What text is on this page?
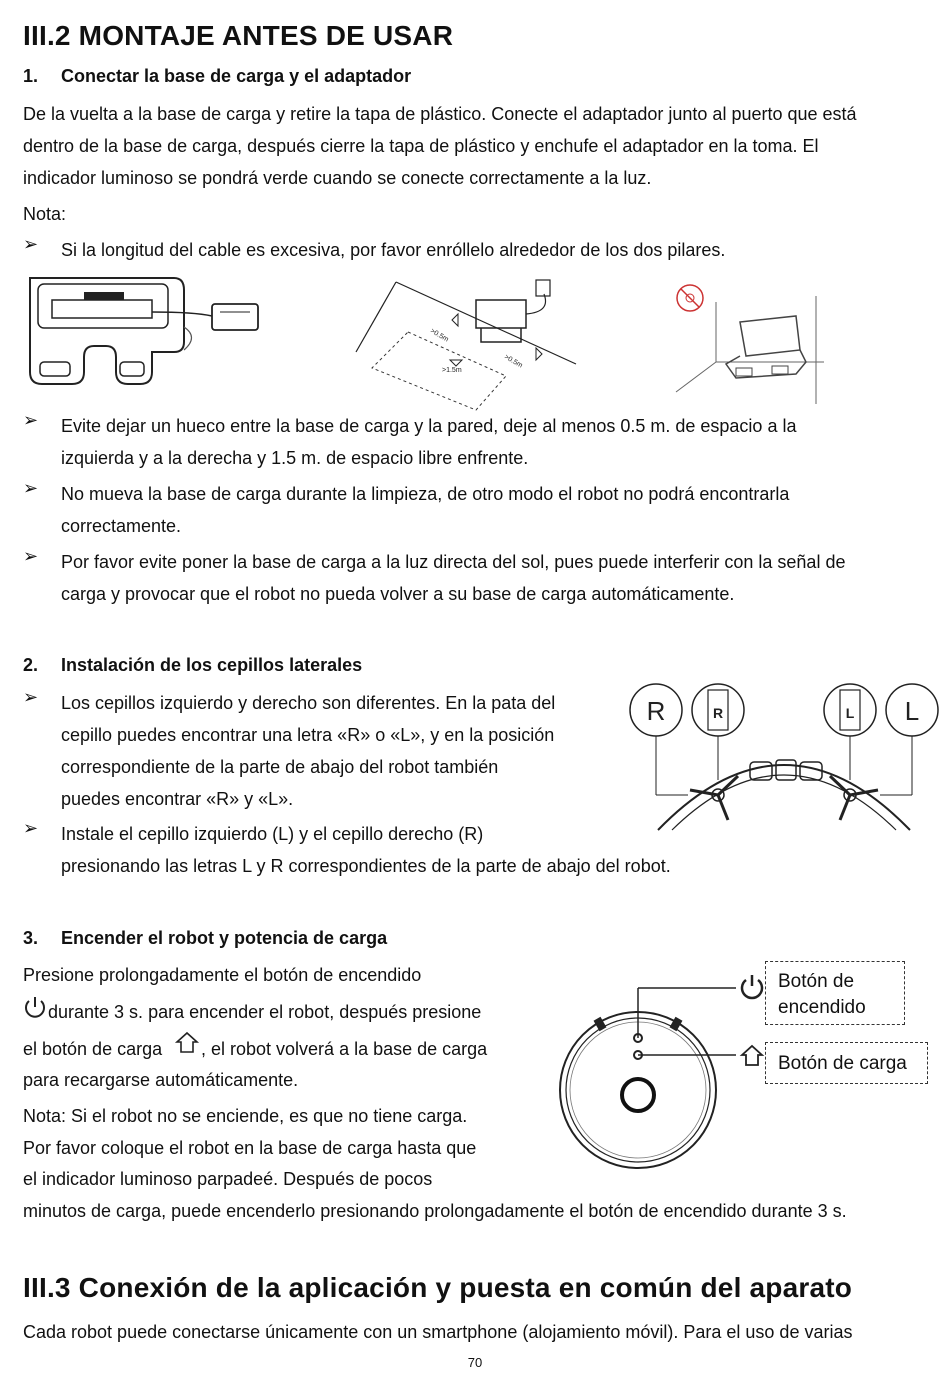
III.2 MONTAJE ANTES DE USAR
1. Conectar la base de carga y el adaptador
De la vuelta a la base de carga y retire la tapa de plástico. Conecte el adaptador junto al puerto que está
dentro de la base de carga, después cierre la tapa de plástico y enchufe el adaptador en la toma. El
indicador luminoso se pondrá verde cuando se conecte correctamente a la luz.
Nota:
➢ Si la longitud del cable es excesiva, por favor enróllelo alrededor de los dos pilares.
>0.5m
>0.5m
>1.5m
➢ Evite dejar un hueco entre la base de carga y la pared, deje al menos 0.5 m. de espacio a la
izquierda y a la derecha y 1.5 m. de espacio libre enfrente.
➢ No mueva la base de carga durante la limpieza, de otro modo el robot no podrá encontrarla
correctamente.
➢ Por favor evite poner la base de carga a la luz directa del sol, pues puede interferir con la señal de
carga y provocar que el robot no pueda volver a su base de carga automáticamente.
2. Instalación de los cepillos laterales
➢ Los cepillos izquierdo y derecho son diferentes. En la pata del
cepillo puedes encontrar una letra «R» o «L», y en la posición
correspondiente de la parte de abajo del robot también
puedes encontrar «R» y «L».
➢ Instale el cepillo izquierdo (L) y el cepillo derecho (R)
presionando las letras L y R correspondientes de la parte de abajo del robot.
R	R	L L
3. Encender el robot y potencia de carga
Presione prolongadamente el botón de encendido
durante 3 s. para encender el robot, después presione
el botón de carga , el robot volverá a la base de carga
para recargarse automáticamente.
Nota: Si el robot no se enciende, es que no tiene carga.
Por favor coloque el robot en la base de carga hasta que
el indicador luminoso parpadeé. Después de pocos
minutos de carga, puede encenderlo presionando prolongadamente el botón de encendido durante 3 s.
Botón de
encendido
Botón de carga
III.3 Conexión de la aplicación y puesta en común del aparato
Cada robot puede conectarse únicamente con un smartphone (alojamiento móvil). Para el uso de varias
70
